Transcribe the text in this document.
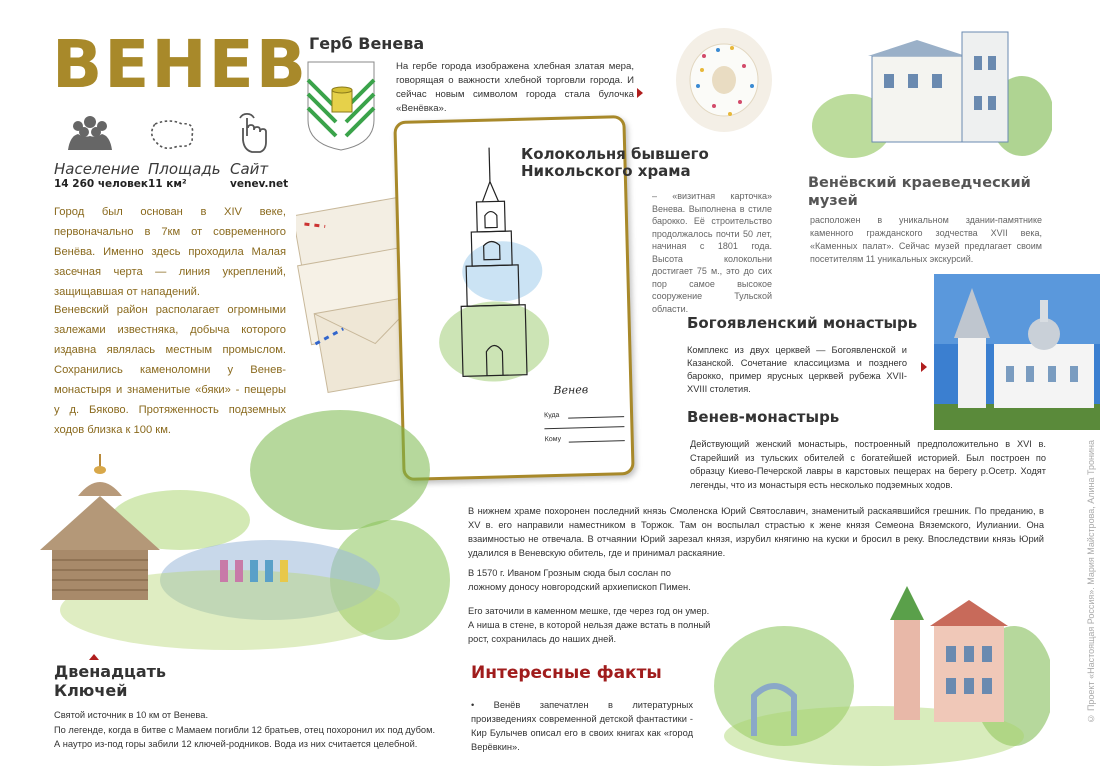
ВЕНЕВ
Население
14 260 человек
Площадь
11 км²
Сайт
venev.net
Город был основан в XIV веке, первоначально в 7км от современного Венёва. Именно здесь проходила Малая засечная черта — линия укреплений, защищавшая от нападений.
Веневский район располагает огромными залежами известняка, добыча которого издавна являлась местным промыслом. Сохранились каменоломни у Венев-монастыря и знаменитые «бяки» - пещеры у д. Бяково. Протяженность подземных ходов близка к 100 км.
Герб Венева
На гербе города изображена хлебная златая мера, говорящая о важности хлебной торговли города. И сейчас новым символом города стала булочка «Венёвка».
Венев
Куда
Кому
Колокольня бывшего
Никольского храма
– «визитная карточка» Венева. Выполнена в стиле барокко. Её строительство продолжалось почти 50 лет, начиная с 1801 года. Высота колокольни достигает 75 м., это до сих пор самое высокое сооружение Тульской области.
Венёвский краеведческий
музей
расположен в уникальном здании-памятнике каменного гражданского зодчества XVII века, «Каменных палат». Сейчас музей предлагает своим посетителям 11 уникальных экскурсий.
Богоявленский монастырь
Комплекс из двух церквей — Богоявленской и Казанской. Сочетание классицизма и позднего барокко, пример ярусных церквей рубежа XVII-XVIII столетия.
Венев-монастырь
Действующий женский монастырь, построенный предположительно в XVI в. Старейший из тульских обителей с богатейшей историей. Был построен по образцу Киево-Печерской лавры в карстовых пещерах на берегу р.Осетр. Ходят легенды, что из монастыря есть несколько подземных ходов.
В нижнем храме похоронен последний князь Смоленска Юрий Святославич, знаменитый раскаявшийся грешник. По преданию, в XV в. его направили наместником в Торжок. Там он воспылал страстью к жене князя Семеона Вяземского, Иулиании. Она взаимностью не отвечала. В отчаянии Юрий зарезал князя, изрубил княгиню на куски и бросил в реку. Впоследствии князь Юрий удалился в Веневскую обитель, где и принимал раскаяние.
В 1570 г. Иваном Грозным сюда был сослан по ложному доносу новгородский архиепископ Пимен.
Его заточили в каменном мешке, где через год он умер. А ниша в стене, в которой нельзя даже встать в полный рост, сохранилась до наших дней.
Двенадцать
Ключей
Святой источник в 10 км от Венева.
По легенде, когда в битве с Мамаем погибли 12 братьев, отец похоронил их под дубом.
А наутро из-под горы забили 12 ключей-родников. Вода из них считается целебной.
Интересные факты
• Венёв запечатлен в литературных произведениях современной детской фантастики - Кир Булычев описал его в своих книгах как «город Верёвкин».
© Проект «Настоящая Россия». Мария Майстрова, Алина Тронина
